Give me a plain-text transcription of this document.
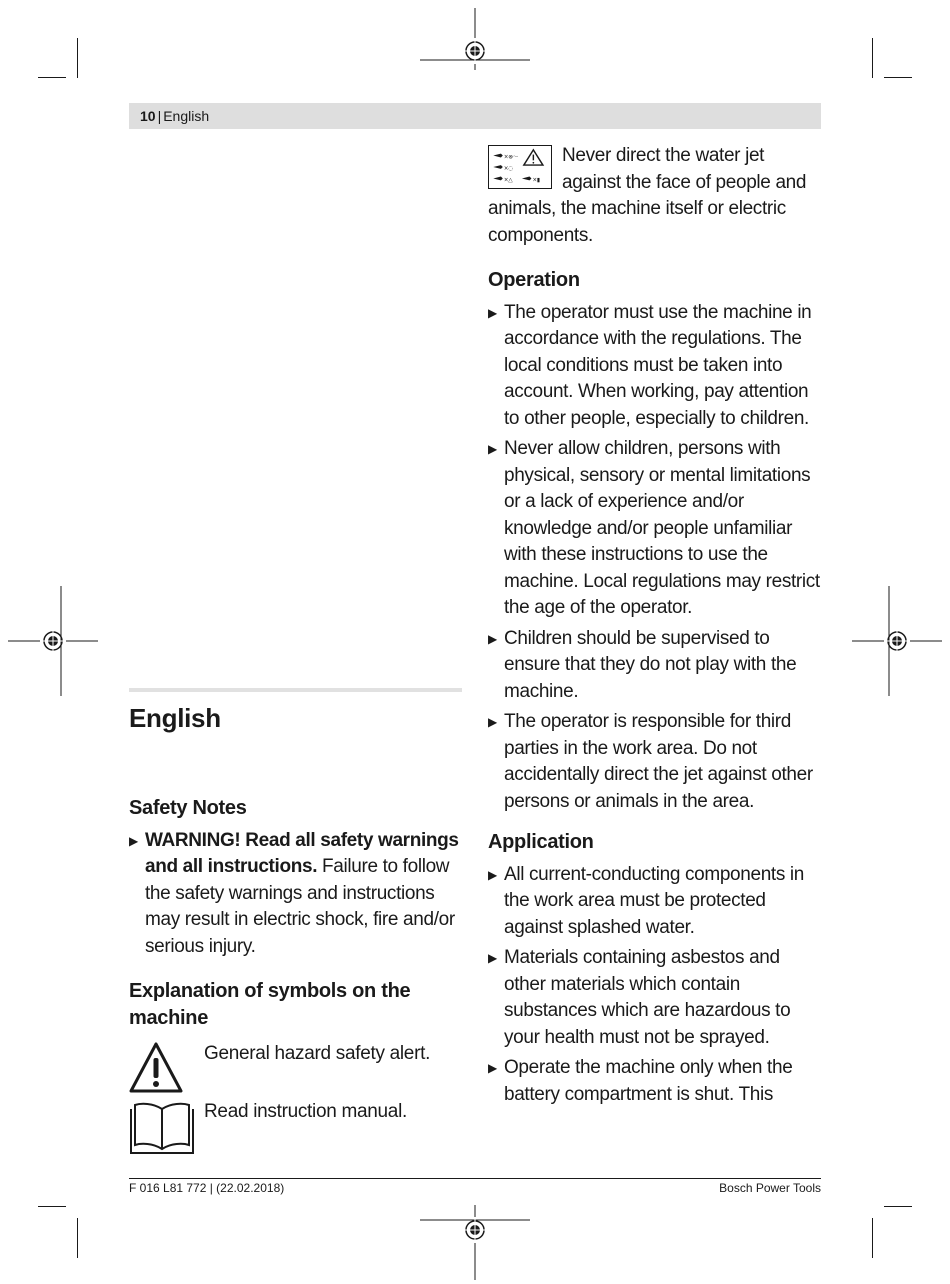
10 | English
English
Safety Notes
▶ WARNING! Read all safety warnings and all instructions. Failure to follow the safety warnings and instructions may result in electric shock, fire and/or serious injury.
Explanation of symbols on the machine
General hazard safety alert.
Read instruction manual.

×⊗～
×◌
×△	×▮
Never direct the water jet against the face of people and animals, the machine itself or electric components.

Operation
▶ The operator must use the machine in accordance with the regulations. The local conditions must be taken into account. When working, pay attention to other people, especially to children.
▶ Never allow children, persons with physical, sensory or mental limitations or a lack of experience and/or knowledge and/or people unfamiliar with these instructions to use the machine. Local regulations may restrict the age of the operator.
▶ Children should be supervised to ensure that they do not play with the machine.
▶ The operator is responsible for third parties in the work area. Do not accidentally direct the jet against other persons or animals in the area.
Application
▶ All current-conducting components in the work area must be protected against splashed water.
▶ Materials containing asbestos and other materials which contain substances which are hazardous to your health must not be sprayed.
▶ Operate the machine only when the battery compartment is shut. This
F 016 L81 772 | (22.02.2018)	Bosch Power Tools
